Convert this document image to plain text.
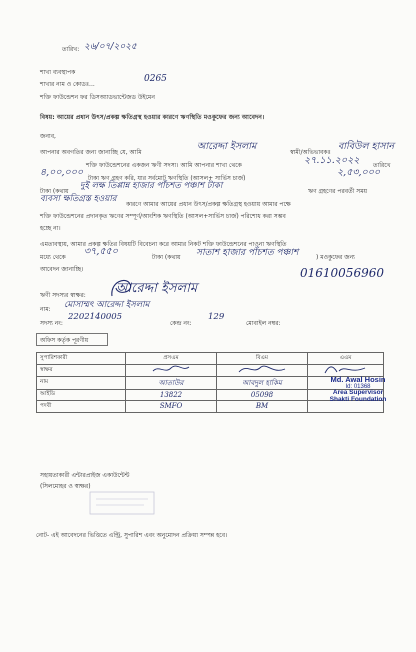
তারিখ: ২৬/০৭/২০২৫
শাখা ব্যবস্থাপক
শাখার নাম ও কোডঃ...
0265
শক্তি ফাউন্ডেশন ফর ডিসঅ্যাডভান্টেজড উইমেন
বিষয়: আয়ের প্রধান উৎস/প্রকল্প ক্ষতিগ্রস্থ হওয়ার কারণে ঋণস্থিতি মওকুফের জন্য আবেদন।
জনাব,
আপনার অবগতির জন্য জানাচ্ছি যে, আমি
আরেদ্দা ইসলাম
স্বামী/অভিভাবকঃ
বাবিউল হাসান
শক্তি ফাউন্ডেশনের একজন ঋণী সদস্য। আমি আপনার শাখা থেকে	২৭.১১.২০২২ তারিখে
৪,০০,০০০
টাকা ঋণ গ্রহণ করি, যার সর্বমোট ঋণস্থিতি (আসল+ সার্ভিস চার্জ)
২,৫৩,০০০
টাকা (কথায়
দুই লক্ষ তিপ্পান্ন হাজার পাঁচশত পঞ্চাশ টাকা
ঋণ গ্রহণের পরবর্তী সময়
ব্যবসা ক্ষতিগ্রস্ত হওয়ার
কারণে আমার আয়ের প্রধান উৎস/প্রকল্প ক্ষতিগ্রস্থ হওয়ায় আমার পক্ষে
শক্তি ফাউন্ডেশনের প্রদানকৃত ঋণের সম্পূর্ণ/আংশিক ঋণস্থিতি (আসল+সার্ভিস চার্জ) পরিশোধ করা সম্ভব
হচ্ছে না।
এমতাবস্থায়, আমার প্রকল্প ক্ষতির বিষয়টি বিবেচনা করে আমার নিকট শক্তি ফাউন্ডেশনের পাওনা ঋণস্থিতি
মধ্যে থেকে
৩৭,৫৫০
টাকা (কথায় সাতাশ হাজার পাঁচশত পঞ্চাশ	) মওকুফের জন্য
আবেদন জানাচ্ছি।
ঋণী সদস্যর স্বাক্ষর: আরেদ্দা ইসলাম
নাম: মোসাম্মৎ আরেদ্দা ইসলাম
সদস্য নং:
2202140005
কেন্দ্র নং:
129
মোবাইল নম্বর:
01610056960
অফিস কর্তৃক পূরণীয়
সুপারিশকারী	প্রসএম	বিএম	এএম
স্বাক্ষর			
নাম	আতাউর	আবদুল হাকিম	
আইডি	13822	05098	
পদবী	SMFO	BM	
Md. Awal Hosin
Id: 01368
Area Supervisor
Shakti Foundation
সহায়তাকারী এন্টারপ্রাইজ একাউন্টেন্ট
(সিলমোহর ও স্বাক্ষর)
নোট- এই আবেদনের ভিত্তিতে এন্ট্রি, সুপারিশ এবং অনুমোদন প্রক্রিয়া সম্পন্ন হবে।
